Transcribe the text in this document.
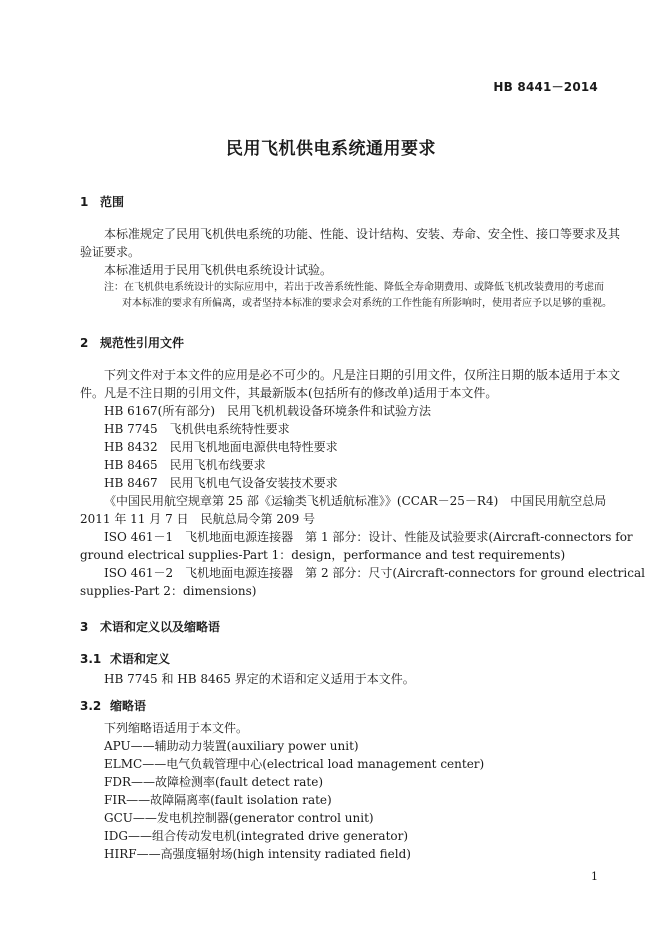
HB 8441－2014
民用飞机供电系统通用要求
1 范围
本标准规定了民用飞机供电系统的功能、性能、设计结构、安装、寿命、安全性、接口等要求及其
验证要求。
本标准适用于民用飞机供电系统设计试验。
注：在飞机供电系统设计的实际应用中，若出于改善系统性能、降低全寿命期费用、或降低飞机改装费用的考虑而
对本标准的要求有所偏离，或者坚持本标准的要求会对系统的工作性能有所影响时，使用者应予以足够的重视。
2 规范性引用文件
下列文件对于本文件的应用是必不可少的。凡是注日期的引用文件，仅所注日期的版本适用于本文
件。凡是不注日期的引用文件，其最新版本(包括所有的修改单)适用于本文件。
HB 6167(所有部分)　民用飞机机载设备环境条件和试验方法
HB 7745　飞机供电系统特性要求
HB 8432　民用飞机地面电源供电特性要求
HB 8465　民用飞机布线要求
HB 8467　民用飞机电气设备安装技术要求
《中国民用航空规章第 25 部《运输类飞机适航标准》》(CCAR－25－R4)　中国民用航空总局
2011 年 11 月 7 日　民航总局令第 209 号
ISO 461－1　飞机地面电源连接器　第 1 部分：设计、性能及试验要求(Aircraft-connectors for
ground electrical supplies-Part 1：design，performance and test requirements)
ISO 461－2　飞机地面电源连接器　第 2 部分：尺寸(Aircraft-connectors for ground electrical
supplies-Part 2：dimensions)
3 术语和定义以及缩略语
3.1 术语和定义
HB 7745 和 HB 8465 界定的术语和定义适用于本文件。
3.2 缩略语
下列缩略语适用于本文件。
APU——辅助动力装置(auxiliary power unit)
ELMC——电气负载管理中心(electrical load management center)
FDR——故障检测率(fault detect rate)
FIR——故障隔离率(fault isolation rate)
GCU——发电机控制器(generator control unit)
IDG——组合传动发电机(integrated drive generator)
HIRF——高强度辐射场(high intensity radiated field)
1
